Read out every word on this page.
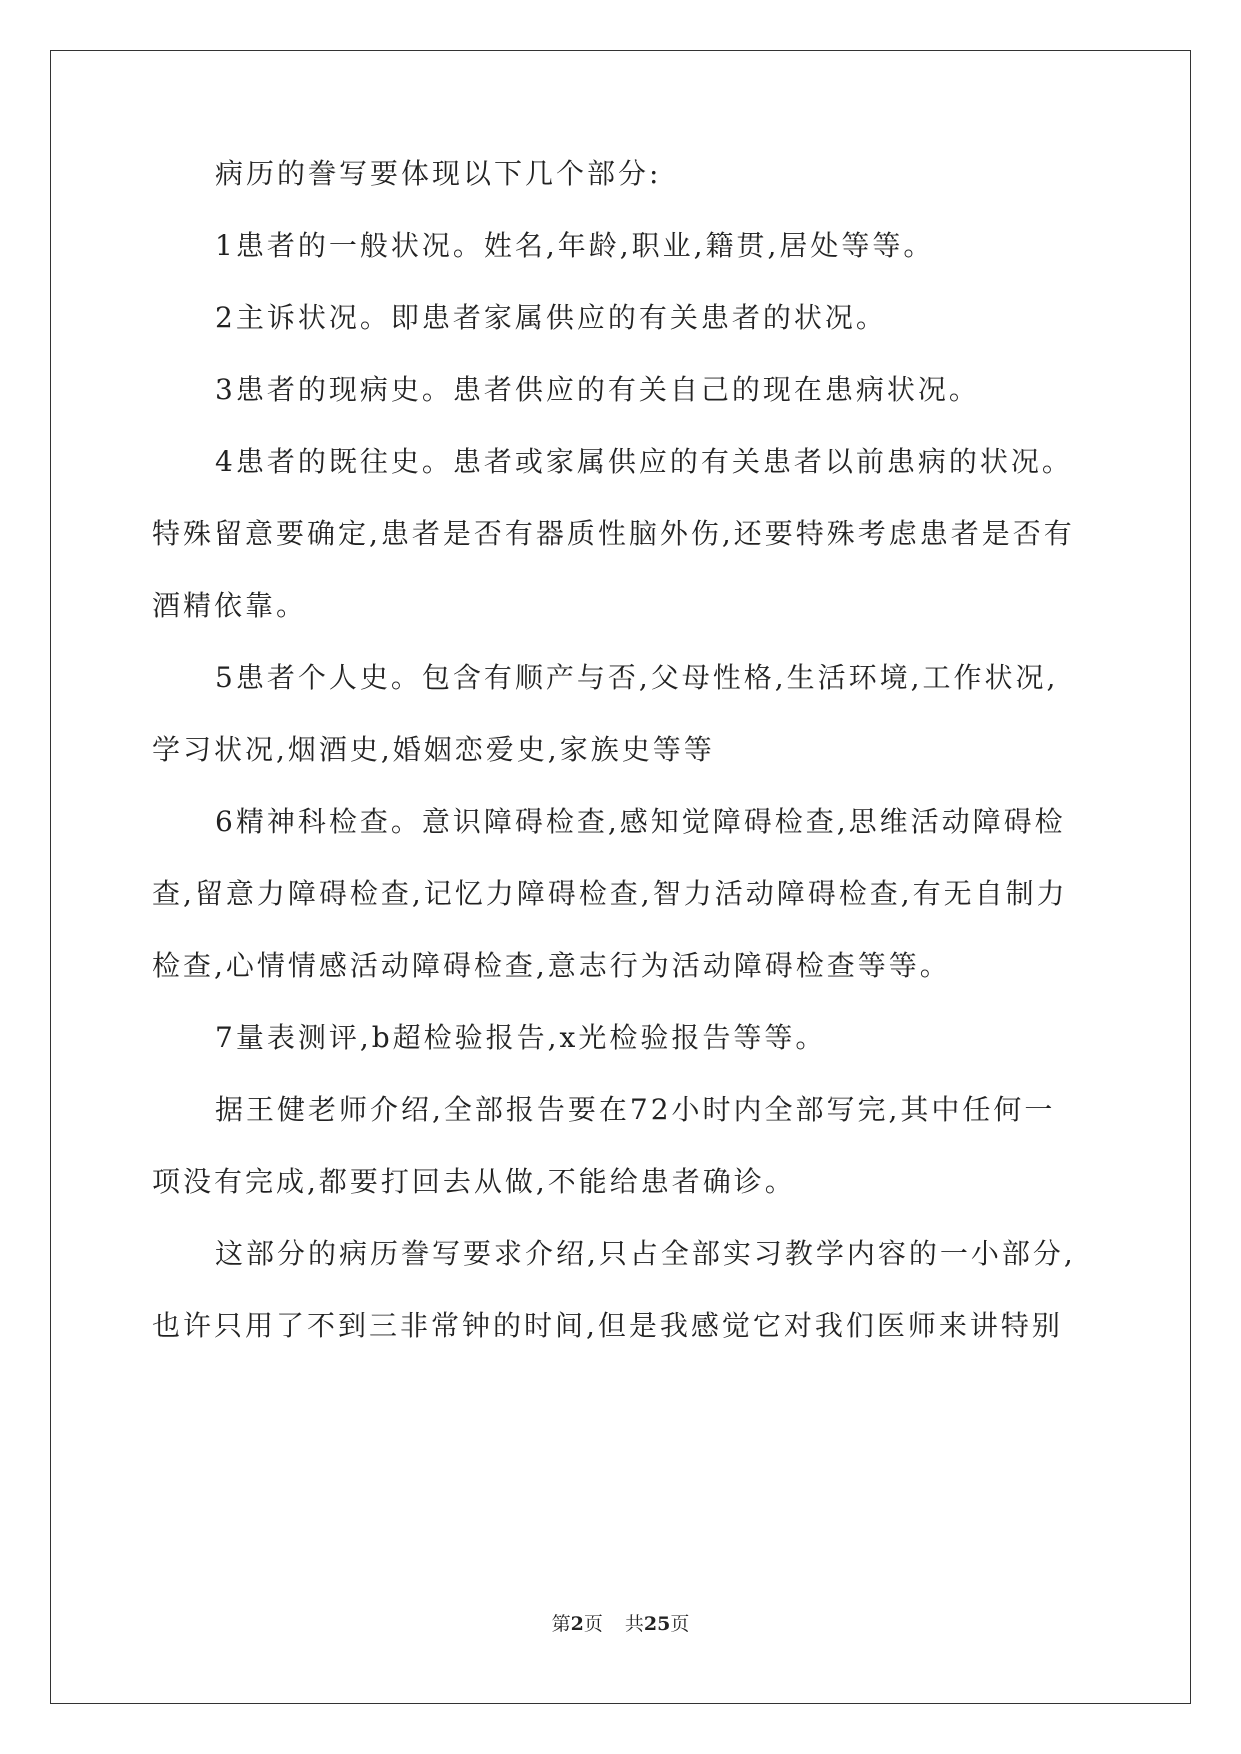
病历的誊写要体现以下几个部分:
1患者的一般状况。姓名,年龄,职业,籍贯,居处等等。
2主诉状况。即患者家属供应的有关患者的状况。
3患者的现病史。患者供应的有关自己的现在患病状况。
4患者的既往史。患者或家属供应的有关患者以前患病的状况。
特殊留意要确定,患者是否有器质性脑外伤,还要特殊考虑患者是否有
酒精依靠。
5患者个人史。包含有顺产与否,父母性格,生活环境,工作状况,
学习状况,烟酒史,婚姻恋爱史,家族史等等
6精神科检查。意识障碍检查,感知觉障碍检查,思维活动障碍检
查,留意力障碍检查,记忆力障碍检查,智力活动障碍检查,有无自制力
检查,心情情感活动障碍检查,意志行为活动障碍检查等等。
7量表测评,b超检验报告,x光检验报告等等。
据王健老师介绍,全部报告要在72小时内全部写完,其中任何一
项没有完成,都要打回去从做,不能给患者确诊。
这部分的病历誊写要求介绍,只占全部实习教学内容的一小部分,
也许只用了不到三非常钟的时间,但是我感觉它对我们医师来讲特别
第2页 共25页
